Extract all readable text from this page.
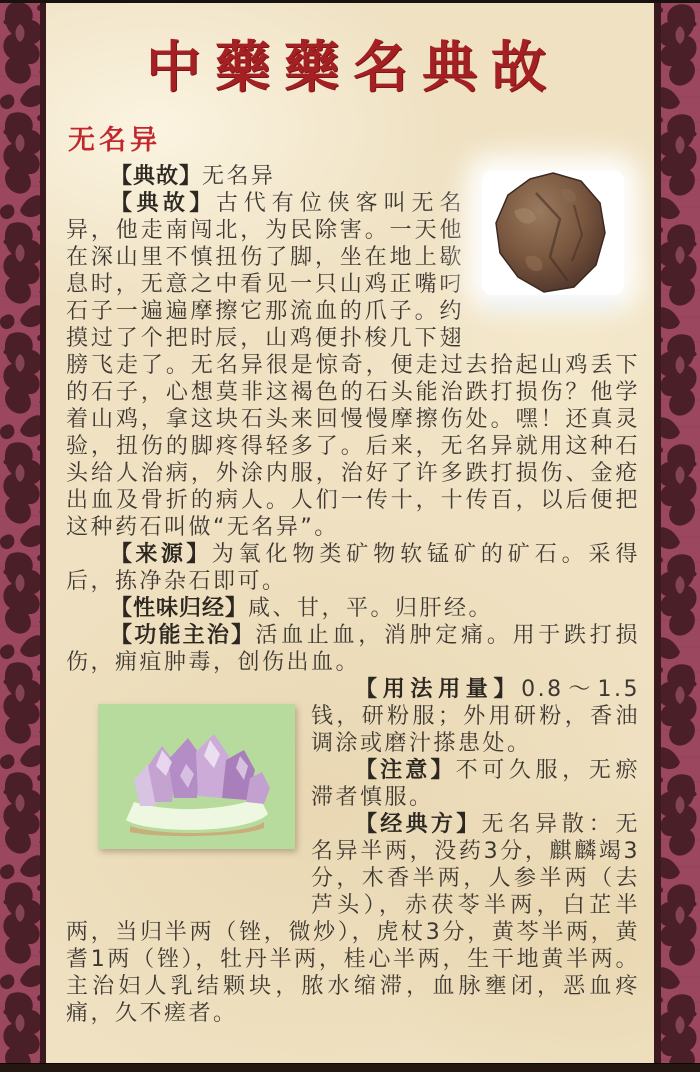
中藥藥名典故
无名异

【典故】无名异

【典故】古代有位侠客叫无名异，他走南闯北，为民除害。一天他在深山里不慎扭伤了脚，坐在地上歇息时，无意之中看见一只山鸡正嘴叼石子一遍遍摩擦它那流血的爪子。约摸过了个把时辰，山鸡便扑梭几下翅膀飞走了。无名异很是惊奇，便走过去拾起山鸡丢下的石子，心想莫非这褐色的石头能治跌打损伤？他学着山鸡，拿这块石头来回慢慢摩擦伤处。嘿！还真灵验，扭伤的脚疼得轻多了。后来，无名异就用这种石头给人治病，外涂内服，治好了许多跌打损伤、金疮出血及骨折的病人。人们一传十，十传百，以后便把这种药石叫做“无名异”。

【来源】为氧化物类矿物软锰矿的矿石。采得后，拣净杂石即可。

【性味归经】咸、甘，平。归肝经。

【功能主治】活血止血，消肿定痛。用于跌打损伤，痈疽肿毒，创伤出血。

【用法用量】0.8～1.5钱，研粉服；外用研粉，香油调涂或磨汁搽患处。

【注意】不可久服，无瘀滞者慎服。

【经典方】无名异散：无名异半两，没药3分，麒麟竭3分，木香半两，人参半两（去芦头），赤茯苓半两，白芷半两，当归半两（锉，微炒），虎杖3分，黄芩半两，黄耆1两（锉），牡丹半两，桂心半两，生干地黄半两。主治妇人乳结颗块，脓水缩滞，血脉壅闭，恶血疼痛，久不瘥者。
